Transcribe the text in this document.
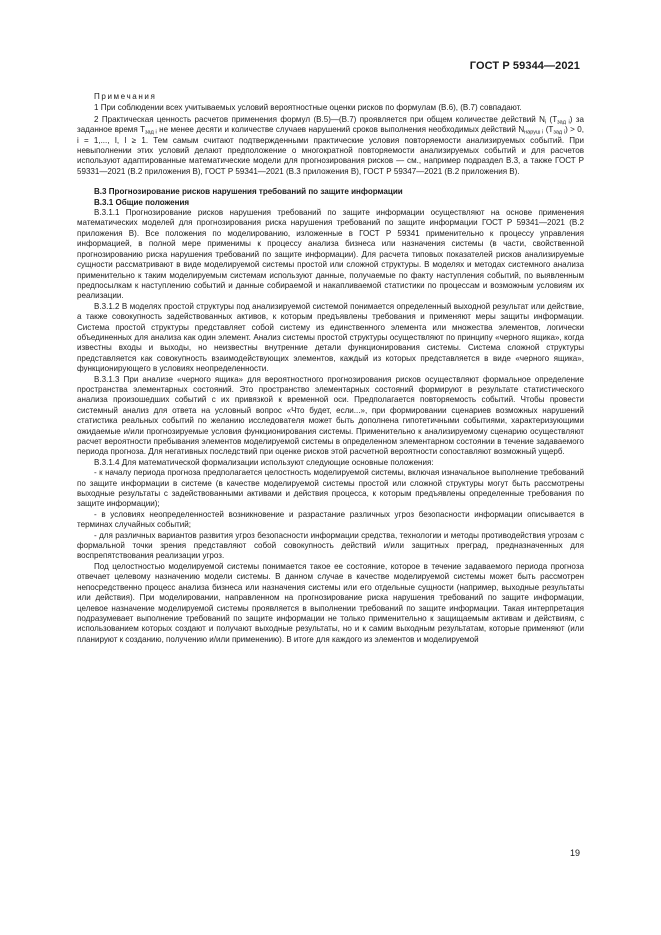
ГОСТ Р 59344—2021

Примечания

1 При соблюдении всех учитываемых условий вероятностные оценки рисков по формулам (В.6), (В.7) совпадают.

2 Практическая ценность расчетов применения формул (В.5)—(В.7) проявляется при общем количестве действий $N_i$ $(T_{зад i})$ за заданное время $T_{зад i}$ не менее десяти и количестве случаев нарушений сроков выполнения необходимых действий $N_{наруш i}$ $(T_{зад i}) > 0$, i = 1,..., I, I ≥ 1. Тем самым считают подтвержденными практические условия повторяемости анализируемых событий. При невыполнении этих условий делают предположение о многократной повторяемости анализируемых событий и для расчетов используют адаптированные математические модели для прогнозирования рисков — см., например подраздел В.3, а также ГОСТ Р 59331—2021 (В.2 приложения В), ГОСТ Р 59341—2021 (В.3 приложения В), ГОСТ Р 59347—2021 (В.2 приложения В).

В.3 Прогнозирование рисков нарушения требований по защите информации

В.3.1 Общие положения

В.3.1.1 Прогнозирование рисков нарушения требований по защите информации осуществляют на основе применения математических моделей для прогнозирования риска нарушения требований по защите информации ГОСТ Р 59341—2021 (В.2 приложения В). Все положения по моделированию, изложенные в ГОСТ Р 59341 применительно к процессу управления информацией, в полной мере применимы к процессу анализа бизнеса или назначения системы (в части, свойственной прогнозированию риска нарушения требований по защите информации). Для расчета типовых показателей рисков анализируемые сущности рассматривают в виде моделируемой системы простой или сложной структуры. В моделях и методах системного анализа применительно к таким моделируемым системам используют данные, получаемые по факту наступления событий, по выявленным предпосылкам к наступлению событий и данные собираемой и накапливаемой статистики по процессам и возможным условиям их реализации.

В.3.1.2 В моделях простой структуры под анализируемой системой понимается определенный выходной результат или действие, а также совокупность задействованных активов, к которым предъявлены требования и применяют меры защиты информации. Система простой структуры представляет собой систему из единственного элемента или множества элементов, логически объединенных для анализа как один элемент. Анализ системы простой структуры осуществляют по принципу «черного ящика», когда известны входы и выходы, но неизвестны внутренние детали функционирования системы. Система сложной структуры представляется как совокупность взаимодействующих элементов, каждый из которых представляется в виде «черного ящика», функционирующего в условиях неопределенности.

В.3.1.3 При анализе «черного ящика» для вероятностного прогнозирования рисков осуществляют формальное определение пространства элементарных состояний. Это пространство элементарных состояний формируют в результате статистического анализа произошедших событий с их привязкой к временной оси. Предполагается повторяемость событий. Чтобы провести системный анализ для ответа на условный вопрос «Что будет, если...», при формировании сценариев возможных нарушений статистика реальных событий по желанию исследователя может быть дополнена гипотетичными событиями, характеризующими ожидаемые и/или прогнозируемые условия функционирования системы. Применительно к анализируемому сценарию осуществляют расчет вероятности пребывания элементов моделируемой системы в определенном элементарном состоянии в течение задаваемого периода прогноза. Для негативных последствий при оценке рисков этой расчетной вероятности сопоставляют возможный ущерб.

В.3.1.4 Для математической формализации используют следующие основные положения:

- к началу периода прогноза предполагается целостность моделируемой системы, включая изначальное выполнение требований по защите информации в системе (в качестве моделируемой системы простой или сложной структуры могут быть рассмотрены выходные результаты с задействованными активами и действия процесса, к которым предъявлены определенные требования по защите информации);

- в условиях неопределенностей возникновение и разрастание различных угроз безопасности информации описывается в терминах случайных событий;

- для различных вариантов развития угроз безопасности информации средства, технологии и методы противодействия угрозам с формальной точки зрения представляют собой совокупность действий и/или защитных преград, предназначенных для воспрепятствования реализации угроз.

Под целостностью моделируемой системы понимается такое ее состояние, которое в течение задаваемого периода прогноза отвечает целевому назначению модели системы. В данном случае в качестве моделируемой системы может быть рассмотрен непосредственно процесс анализа бизнеса или назначения системы или его отдельные сущности (например, выходные результаты или действия). При моделировании, направленном на прогнозирование риска нарушения требований по защите информации, целевое назначение моделируемой системы проявляется в выполнении требований по защите информации. Такая интерпретация подразумевает выполнение требований по защите информации не только применительно к защищаемым активам и действиям, с использованием которых создают и получают выходные результаты, но и к самим выходным результатам, которые применяют (или планируют к созданию, получению и/или применению). В итоге для каждого из элементов и моделируемой

19
